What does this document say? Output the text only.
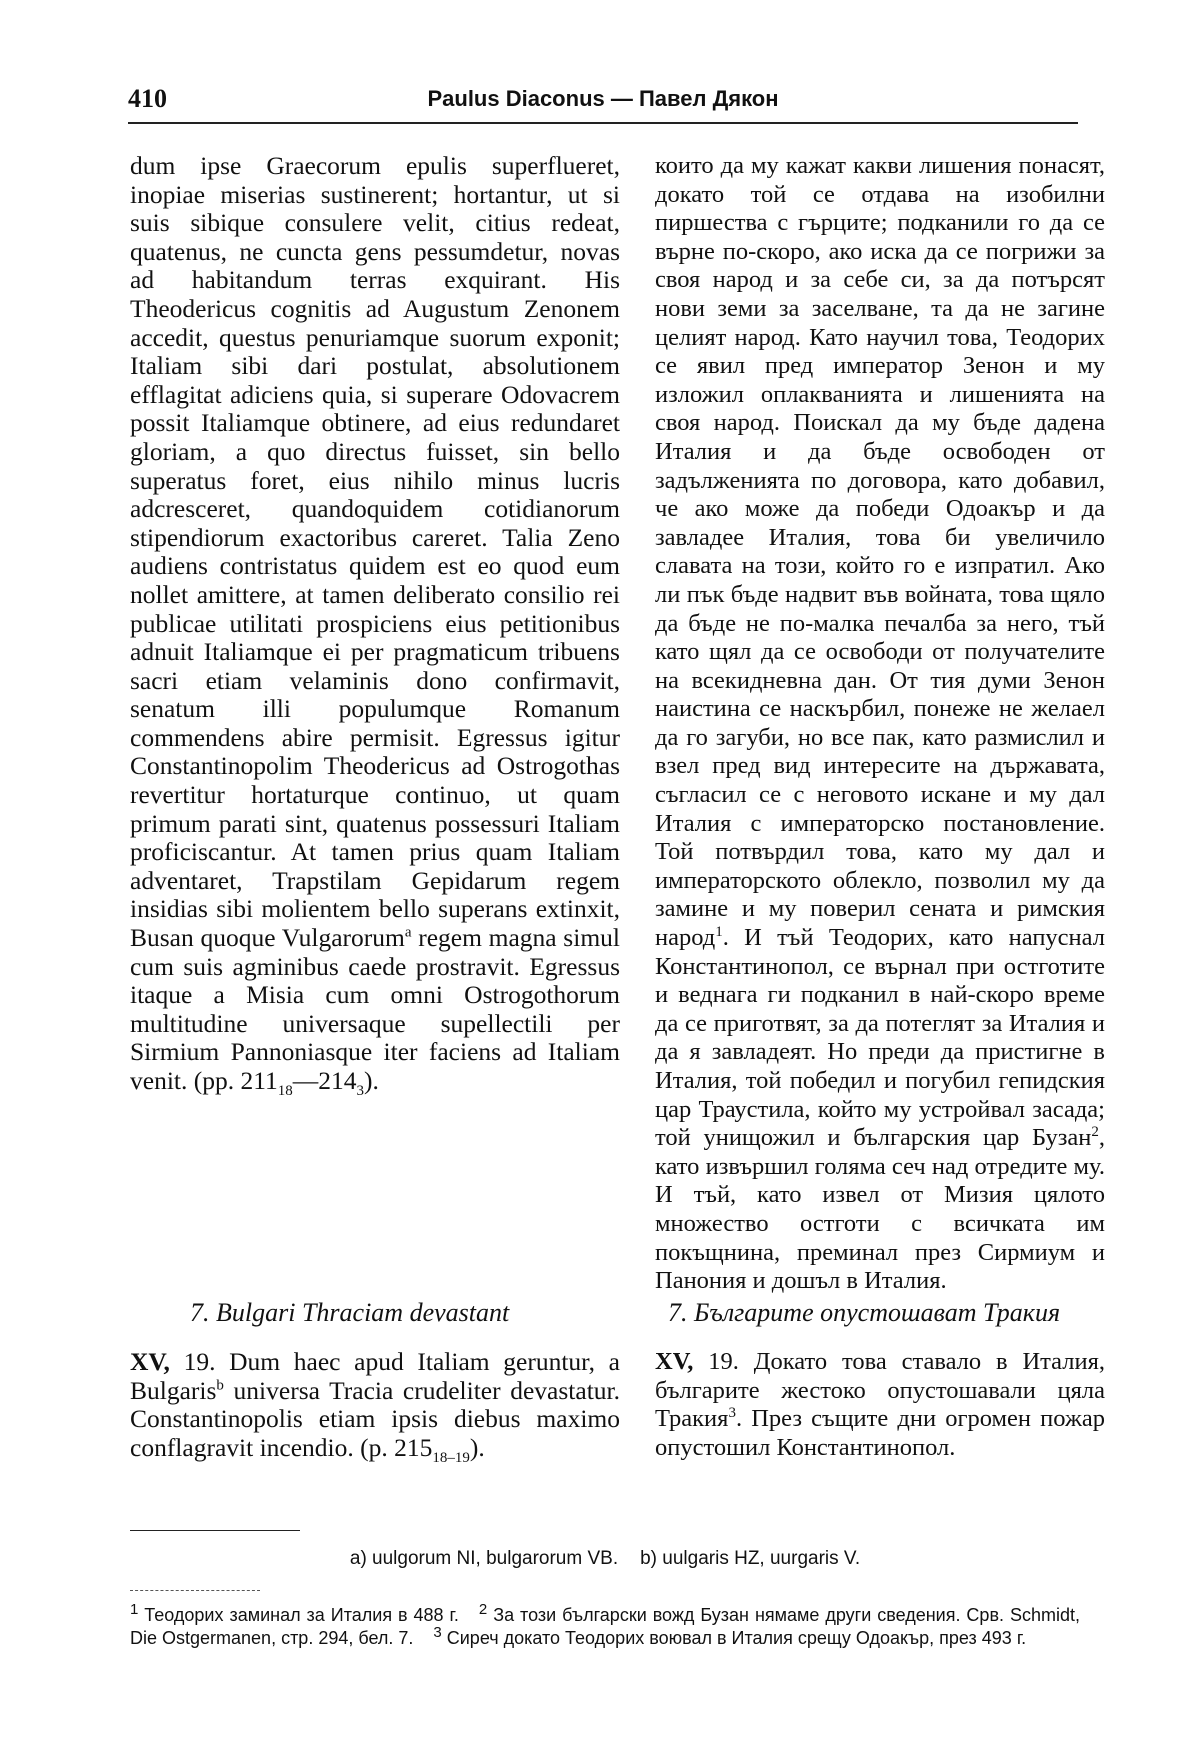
410	Paulus Diaconus — Павел Дякон

dum ipse Graecorum epulis superflueret, inopiae miserias sustinerent; hortantur, ut si suis sibique consulere velit, citius redeat, quatenus, ne cuncta gens pessumdetur, novas ad habitandum terras exquirant. His Theodericus cognitis ad Augustum Zenonem accedit, questus penuriamque suorum exponit; Italiam sibi dari postulat, absolutionem efflagitat adiciens quia, si superare Odovacrem possit Italiamque obtinere, ad eius redundaret gloriam, a quo directus fuisset, sin bello superatus foret, eius nihilo minus lucris adcresceret, quandoquidem cotidianorum stipendiorum exactoribus careret. Talia Zeno audiens contristatus quidem est eo quod eum nollet amittere, at tamen deliberato consilio rei publicae utilitati prospiciens eius petitionibus adnuit Italiamque ei per pragmaticum tribuens sacri etiam velaminis dono confirmavit, senatum illi populumque Romanum commendens abire permisit. Egressus igitur Constantinopolim Theodericus ad Ostrogothas revertitur hortaturque continuo, ut quam primum parati sint, quatenus possessuri Italiam proficiscantur. At tamen prius quam Italiam adventaret, Trapstilam Gepidarum regem insidias sibi molientem bello superans extinxit, Busan quoque Vulgarorum$^a$ regem magna simul cum suis agminibus caede prostravit. Egressus itaque a Misia cum omni Ostrogothorum multitudine universaque supellectili per Sirmium Pannoniasque iter faciens ad Italiam venit. (pp. $211_{18}—214_3$).

които да му кажат какви лишения понасят, докато той се отдава на изобилни пиршества с гърците; подканили го да се върне по-скоро, ако иска да се погрижи за своя народ и за себе си, за да потърсят нови земи за заселване, та да не загине целият народ. Като научил това, Теодорих се явил пред император Зенон и му изложил оплакванията и лишенията на своя народ. Поискал да му бъде дадена Италия и да бъде освободен от задълженията по договора, като добавил, че ако може да победи Одоакър и да завладее Италия, това би увеличило славата на този, който го е изпратил. Ако ли пък бъде надвит във войната, това щяло да бъде не по-малка печалба за него, тъй като щял да се освободи от получателите на всекидневна дан. От тия думи Зенон наистина се наскърбил, понеже не желаел да го загуби, но все пак, като размислил и взел пред вид интересите на държавата, съгласил се с неговото искане и му дал Италия с императорско постановление. Той потвърдил това, като му дал и императорското облекло, позволил му да замине и му поверил сената и римския народ$^1$. И тъй Теодорих, като напуснал Константинопол, се върнал при остготите и веднага ги подканил в най-скоро време да се приготвят, за да потеглят за Италия и да я завладеят. Но преди да пристигне в Италия, той победил и погубил гепидския цар Траустила, който му устройвал засада; той унищожил и българския цар Бузан$^2$, като извършил голяма сеч над отредите му. И тъй, като извел от Мизия цялото множество остготи с всичката им покъщнина, преминал през Сирмиум и Панония и дошъл в Италия.

7. Bulgari Thraciam devastant	7. Българите опустошават Тракия
XV, 19. Dum haec apud Italiam geruntur, a Bulgaris$^b$ universa Tracia crudeliter devastatur. Constantinopolis etiam ipsis diebus maximo conflagravit incendio. (p. $215_{18-19}$).
XV, 19. Докато това ставало в Италия, българите жестоко опустошавали цяла Тракия$^3$. През същите дни огромен пожар опустошил Константинопол.
a) uulgorum NI, bulgarorum VB. b) uulgaris HZ, uurgaris V.

$^1$ Теодорих заминал за Италия в 488 г. $^2$ За този български вожд Бузан нямаме други сведения. Срв. Schmidt, Die Ostgermanen, стр. 294, бел. 7. $^3$ Сиреч докато Теодорих воювал в Италия срещу Одоакър, през 493 г.
